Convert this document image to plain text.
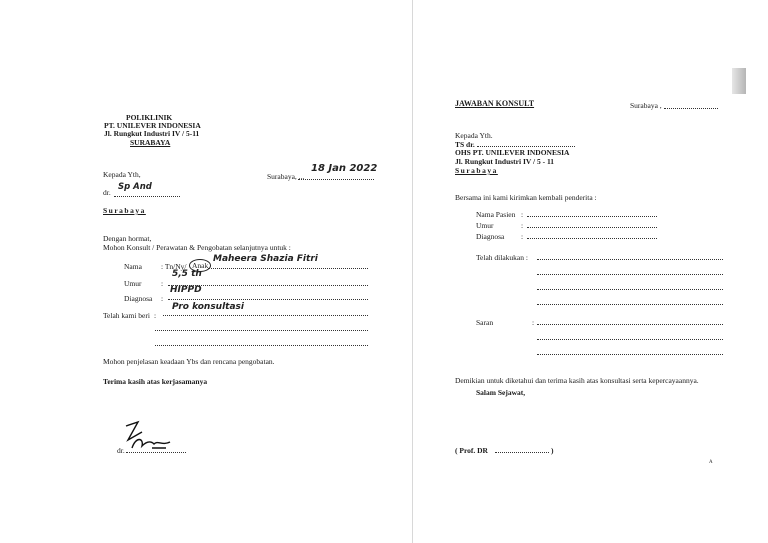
POLIKLINIK
PT. UNILEVER INDONESIA
Jl. Rungkut Industri IV / 5-11
SURABAYA
Kepada Yth,
dr.
Sp And
Surabaya
Surabaya, ...
18 Jan 2022
Dengan hormat,
Mohon Konsult / Perawatan & Pengobatan selanjutnya untuk :
Nama	: Tn/Ny/ Anak
Maheera Shazia Fitri
Umur	:
5,5 th
Diagnosa :
HIPPD
Telah kami beri :
Pro konsultasi
Mohon penjelasan keadaan Ybs dan rencana pengobatan.
Terima kasih atas kerjasamanya
dr.
JAWABAN KONSULT	Surabaya ,
Kepada Yth.
TS dr.
OHS PT. UNILEVER INDONESIA
Jl. Rungkut Industri IV / 5 - 11
Surabaya
Bersama ini kami kirimkan kembali penderita :
Nama Pasien :
Umur	:
Diagnosa :
Telah dilakukan :
Saran	:
Demikian untuk diketahui dan terima kasih atas konsultasi serta kepercayaannya.
Salam Sejawat,
( Prof. DR	)
A
